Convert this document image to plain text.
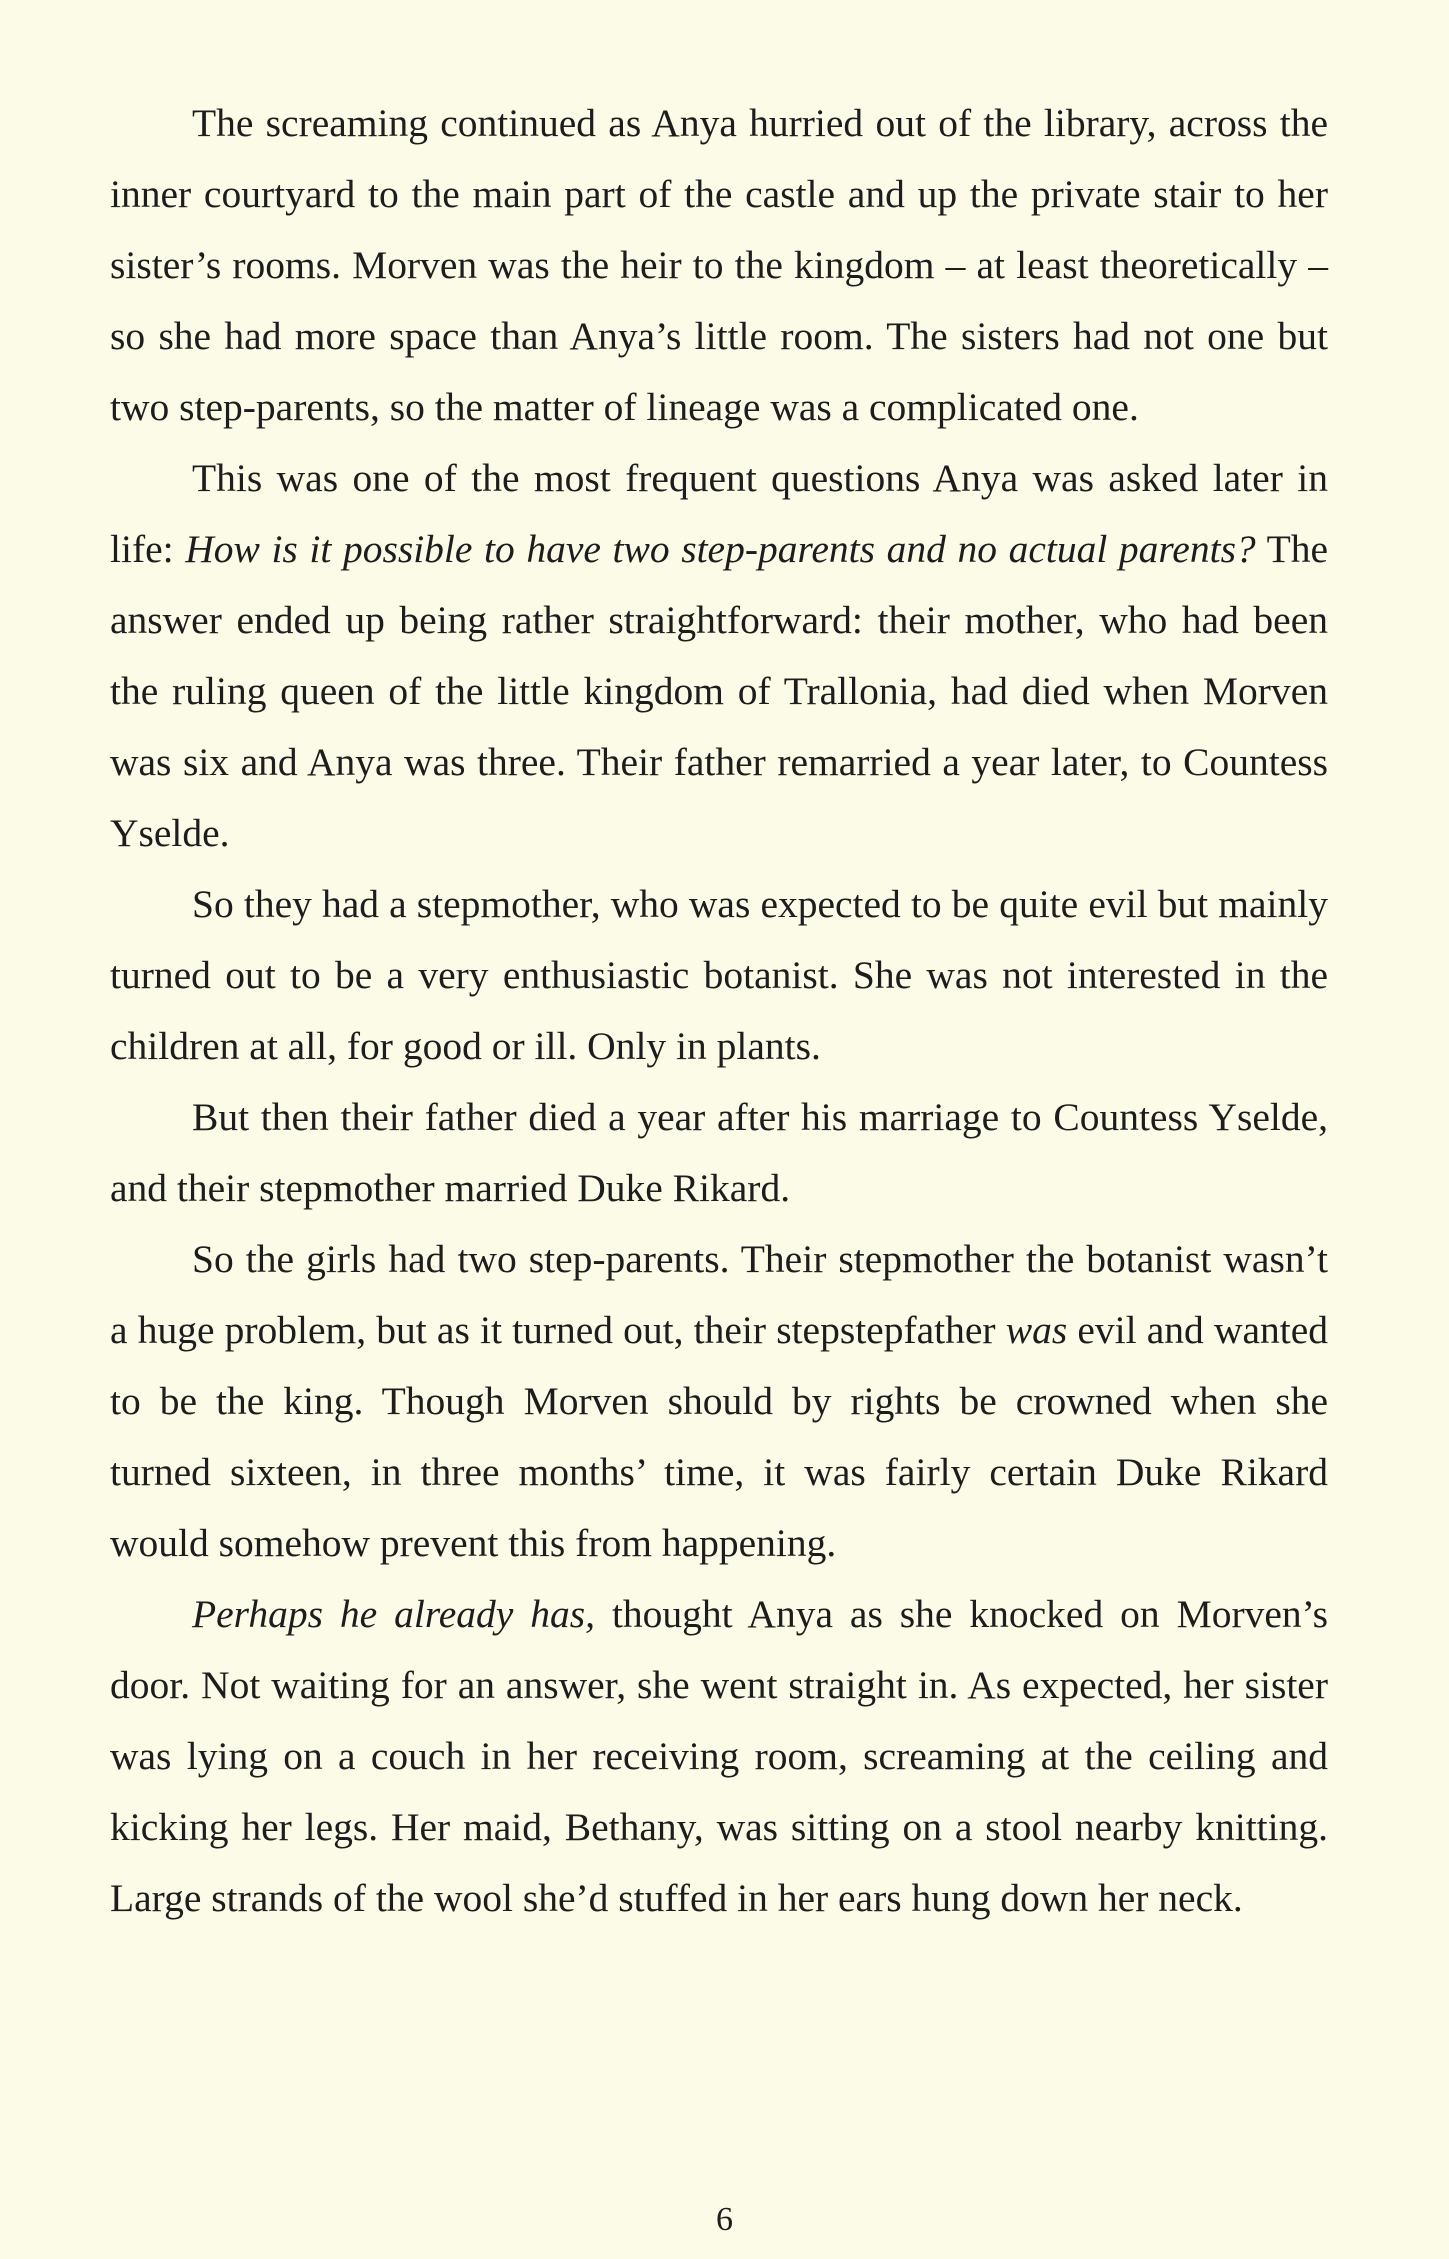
The screaming continued as Anya hurried out of the library, across the inner courtyard to the main part of the castle and up the private stair to her sister’s rooms. Morven was the heir to the kingdom – at least theoretically – so she had more space than Anya’s little room. The sisters had not one but two step-parents, so the matter of lineage was a complicated one.

This was one of the most frequent questions Anya was asked later in life: How is it possible to have two step-parents and no actual parents? The answer ended up being rather straightforward: their mother, who had been the ruling queen of the little kingdom of Trallonia, had died when Morven was six and Anya was three. Their father remarried a year later, to Countess Yselde.

So they had a stepmother, who was expected to be quite evil but mainly turned out to be a very enthusiastic botanist. She was not interested in the children at all, for good or ill. Only in plants.

But then their father died a year after his marriage to Countess Yselde, and their stepmother married Duke Rikard.

So the girls had two step-parents. Their stepmother the botanist wasn’t a huge problem, but as it turned out, their stepstepfather was evil and wanted to be the king. Though Morven should by rights be crowned when she turned sixteen, in three months’ time, it was fairly certain Duke Rikard would somehow prevent this from happening.

Perhaps he already has, thought Anya as she knocked on Morven’s door. Not waiting for an answer, she went straight in. As expected, her sister was lying on a couch in her receiving room, screaming at the ceiling and kicking her legs. Her maid, Bethany, was sitting on a stool nearby knitting. Large strands of the wool she’d stuffed in her ears hung down her neck.

6
